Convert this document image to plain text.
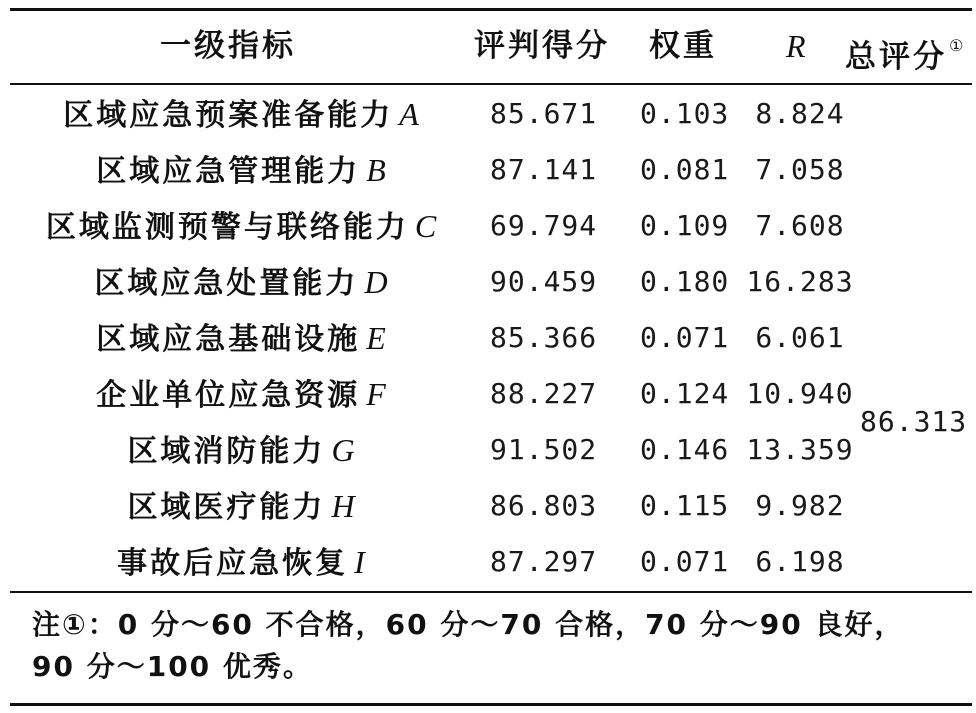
一级指标	评判得分 权重 R 总评分 ①
区域应急预案准备能力 A	85.671 0.103 8.824
区域应急管理能力 B	87.141 0.081 7.058
区域监测预警与联络能力 C	69.794 0.109 7.608
区域应急处置能力 D	90.459 0.180 16.283
区域应急基础设施 E	85.366 0.071 6.061
企业单位应急资源 F	88.227 0.124 10.940
区域消防能力 G	91.502 0.146 13.359
区域医疗能力 H	86.803 0.115 9.982
事故后应急恢复 I	87.297 0.071 6.198
86.313
注①：0 分～60 不合格，60 分～70 合格，70 分～90 良好，
90 分～100 优秀。
